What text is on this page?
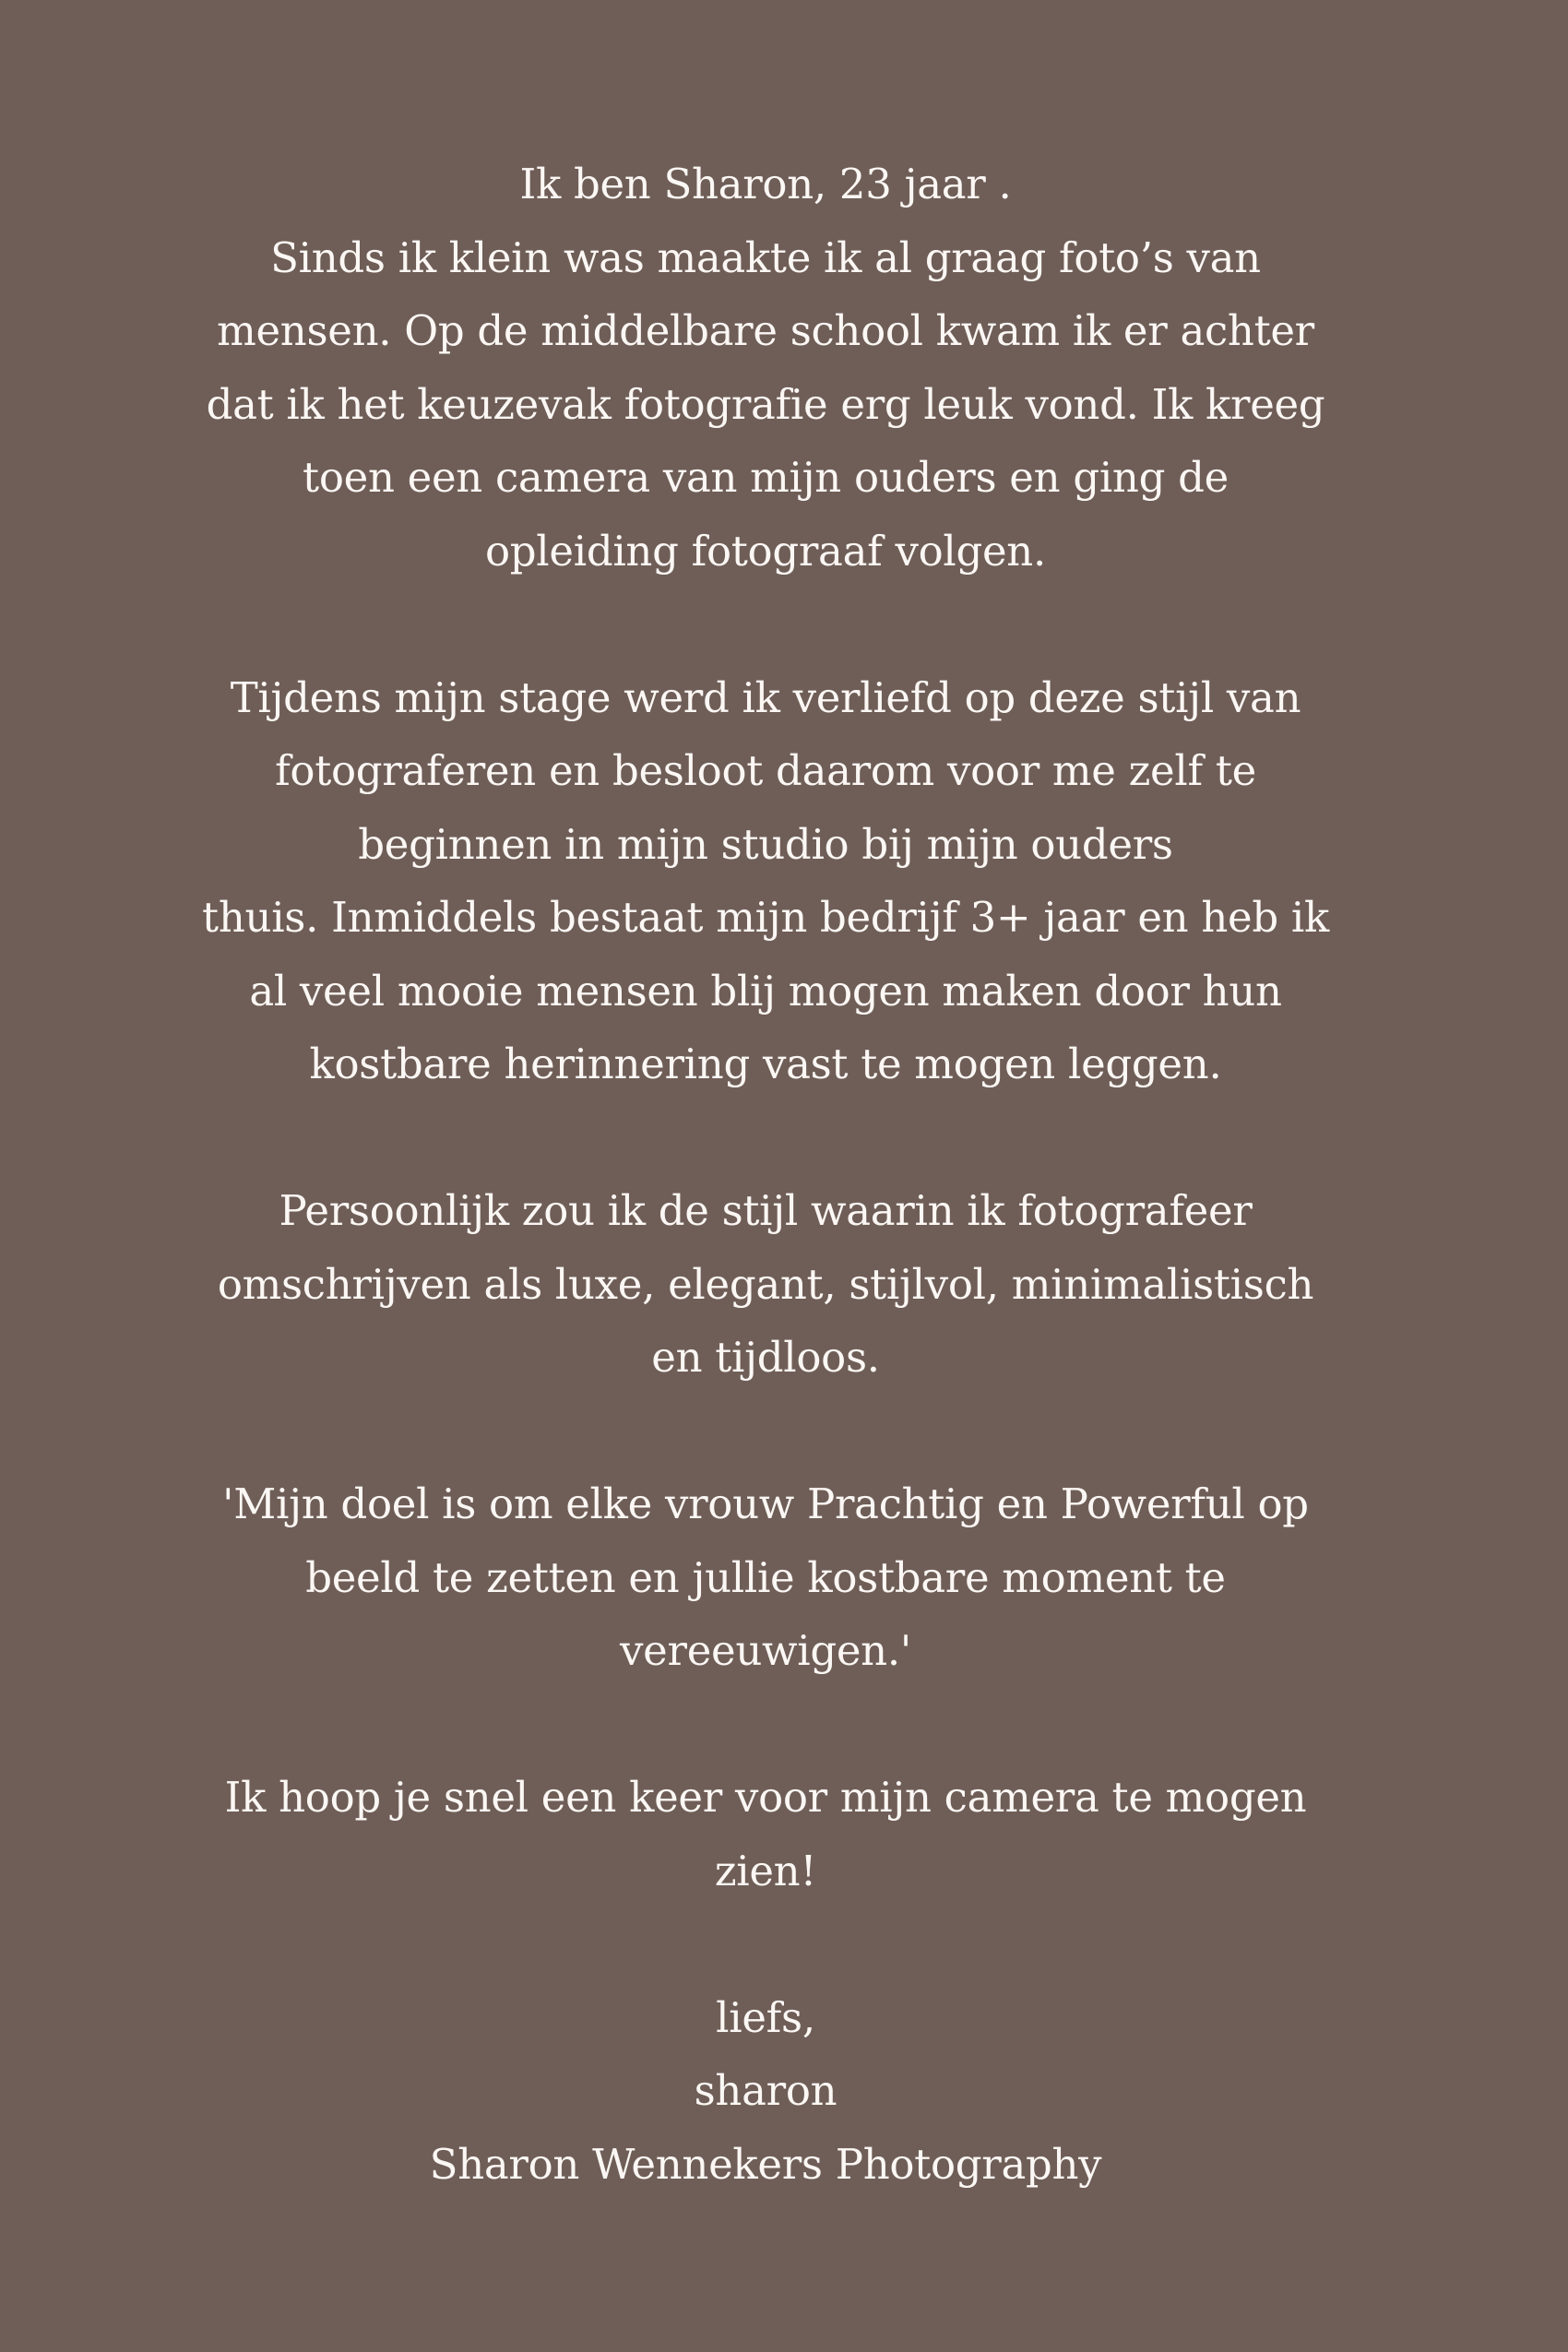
Ik ben Sharon, 23 jaar .
Sinds ik klein was maakte ik al graag foto’s van
mensen. Op de middelbare school kwam ik er achter
dat ik het keuzevak fotografie erg leuk vond. Ik kreeg
toen een camera van mijn ouders en ging de
opleiding fotograaf volgen.

Tijdens mijn stage werd ik verliefd op deze stijl van
fotograferen en besloot daarom voor me zelf te
beginnen in mijn studio bij mijn ouders
thuis. Inmiddels bestaat mijn bedrijf 3+ jaar en heb ik
al veel mooie mensen blij mogen maken door hun
kostbare herinnering vast te mogen leggen.

Persoonlijk zou ik de stijl waarin ik fotografeer
omschrijven als luxe, elegant, stijlvol, minimalistisch
en tijdloos.

'Mijn doel is om elke vrouw Prachtig en Powerful op
beeld te zetten en jullie kostbare moment te
vereeuwigen.'

Ik hoop je snel een keer voor mijn camera te mogen
zien!

liefs,
sharon
Sharon Wennekers Photography
